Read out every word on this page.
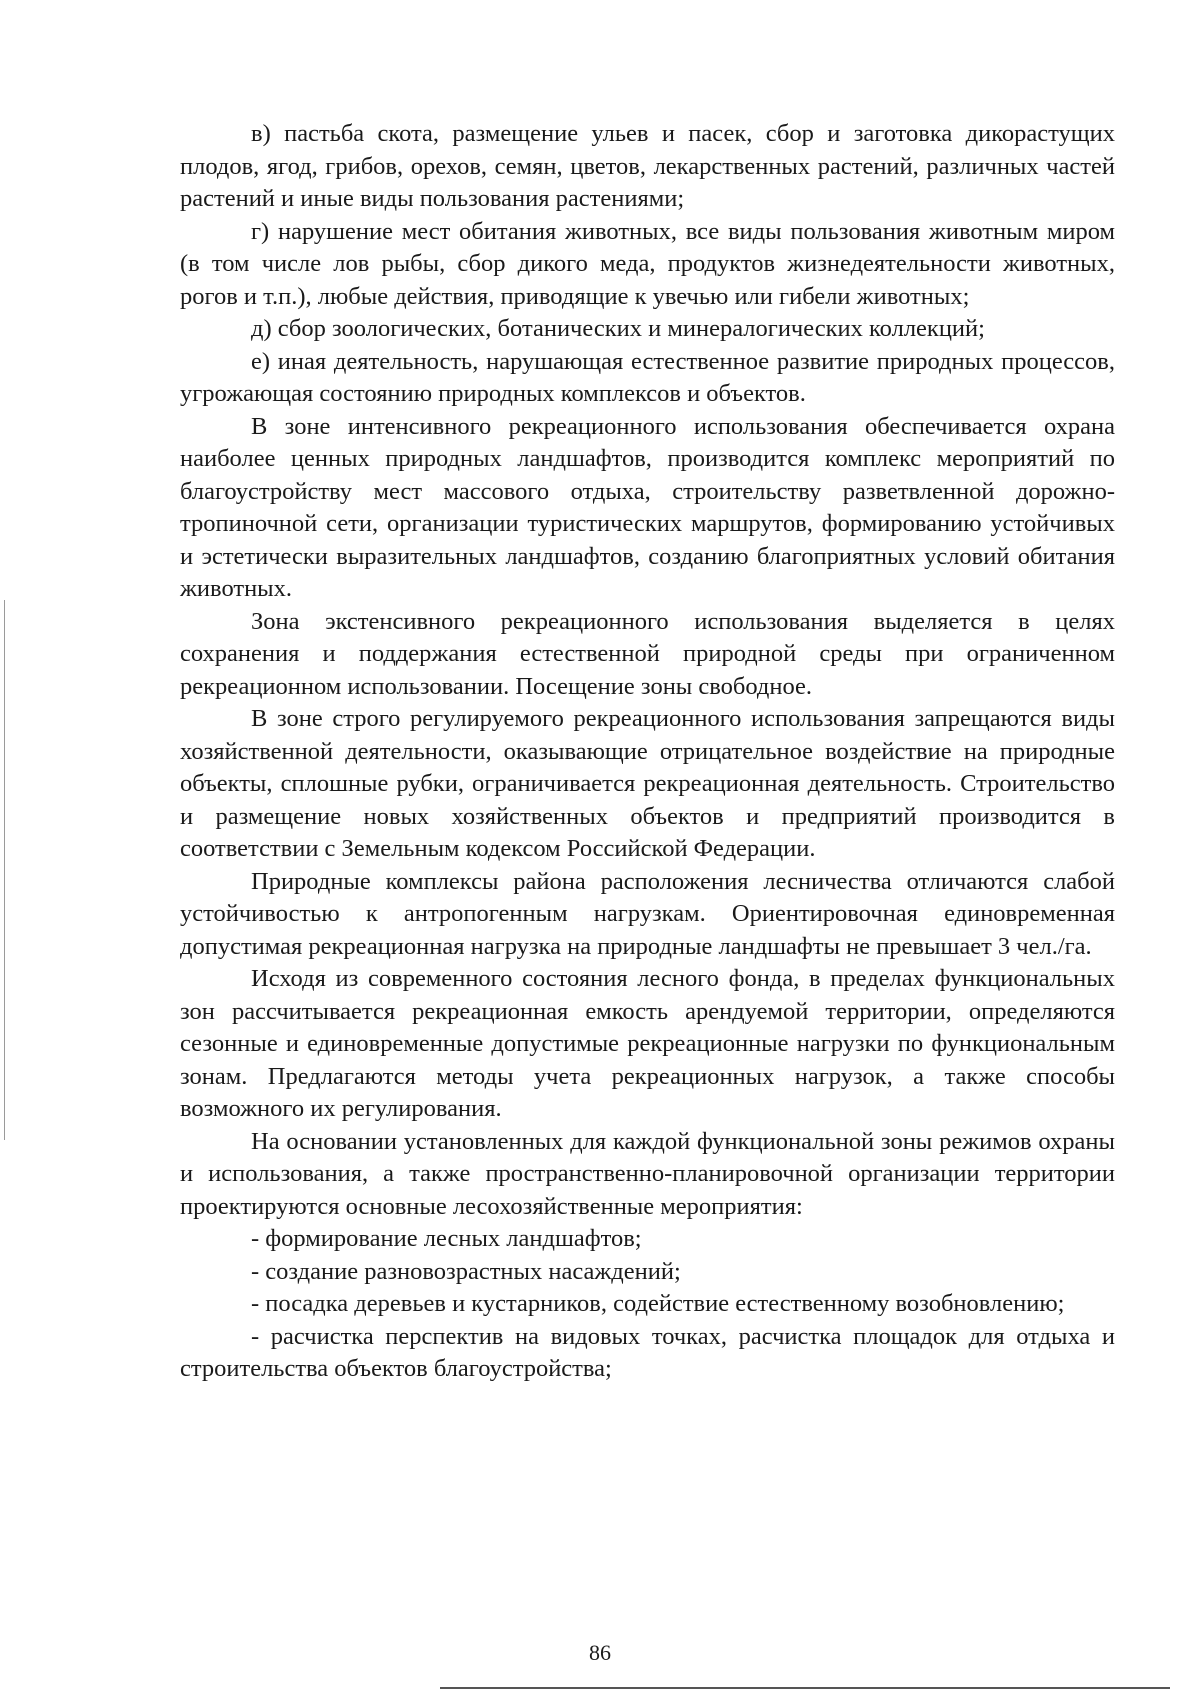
в) пастьба скота, размещение ульев и пасек, сбор и заготовка дикорастущих плодов, ягод, грибов, орехов, семян, цветов, лекарственных растений, различных частей растений и иные виды пользования растениями;

г) нарушение мест обитания животных, все виды пользования животным миром (в том числе лов рыбы, сбор дикого меда, продуктов жизнедеятельности животных, рогов и т.п.), любые действия, приводящие к увечью или гибели животных;

д) сбор зоологических, ботанических и минералогических коллекций;

е) иная деятельность, нарушающая естественное развитие природных процессов, угрожающая состоянию природных комплексов и объектов.

В зоне интенсивного рекреационного использования обеспечивается охрана наиболее ценных природных ландшафтов, производится комплекс мероприятий по благоустройству мест массового отдыха, строительству разветвленной дорожно-тропиночной сети, организации туристических маршрутов, формированию устойчивых и эстетически выразительных ландшафтов, созданию благоприятных условий обитания животных.

Зона экстенсивного рекреационного использования выделяется в целях сохранения и поддержания естественной природной среды при ограниченном рекреационном использовании. Посещение зоны свободное.

В зоне строго регулируемого рекреационного использования запрещаются виды хозяйственной деятельности, оказывающие отрицательное воздействие на природные объекты, сплошные рубки, ограничивается рекреационная деятельность. Строительство и размещение новых хозяйственных объектов и предприятий производится в соответствии с Земельным кодексом Российской Федерации.

Природные комплексы района расположения лесничества отличаются слабой устойчивостью к антропогенным нагрузкам. Ориентировочная единовременная допустимая рекреационная нагрузка на природные ландшафты не превышает 3 чел./га.

Исходя из современного состояния лесного фонда, в пределах функциональных зон рассчитывается рекреационная емкость арендуемой территории, определяются сезонные и единовременные допустимые рекреационные нагрузки по функциональным зонам. Предлагаются методы учета рекреационных нагрузок, а также способы возможного их регулирования.

На основании установленных для каждой функциональной зоны режимов охраны и использования, а также пространственно-планировочной организации территории проектируются основные лесохозяйственные мероприятия:

- формирование лесных ландшафтов;

- создание разновозрастных насаждений;

- посадка деревьев и кустарников, содействие естественному возобновлению;

- расчистка перспектив на видовых точках, расчистка площадок для отдыха и строительства объектов благоустройства;

86
